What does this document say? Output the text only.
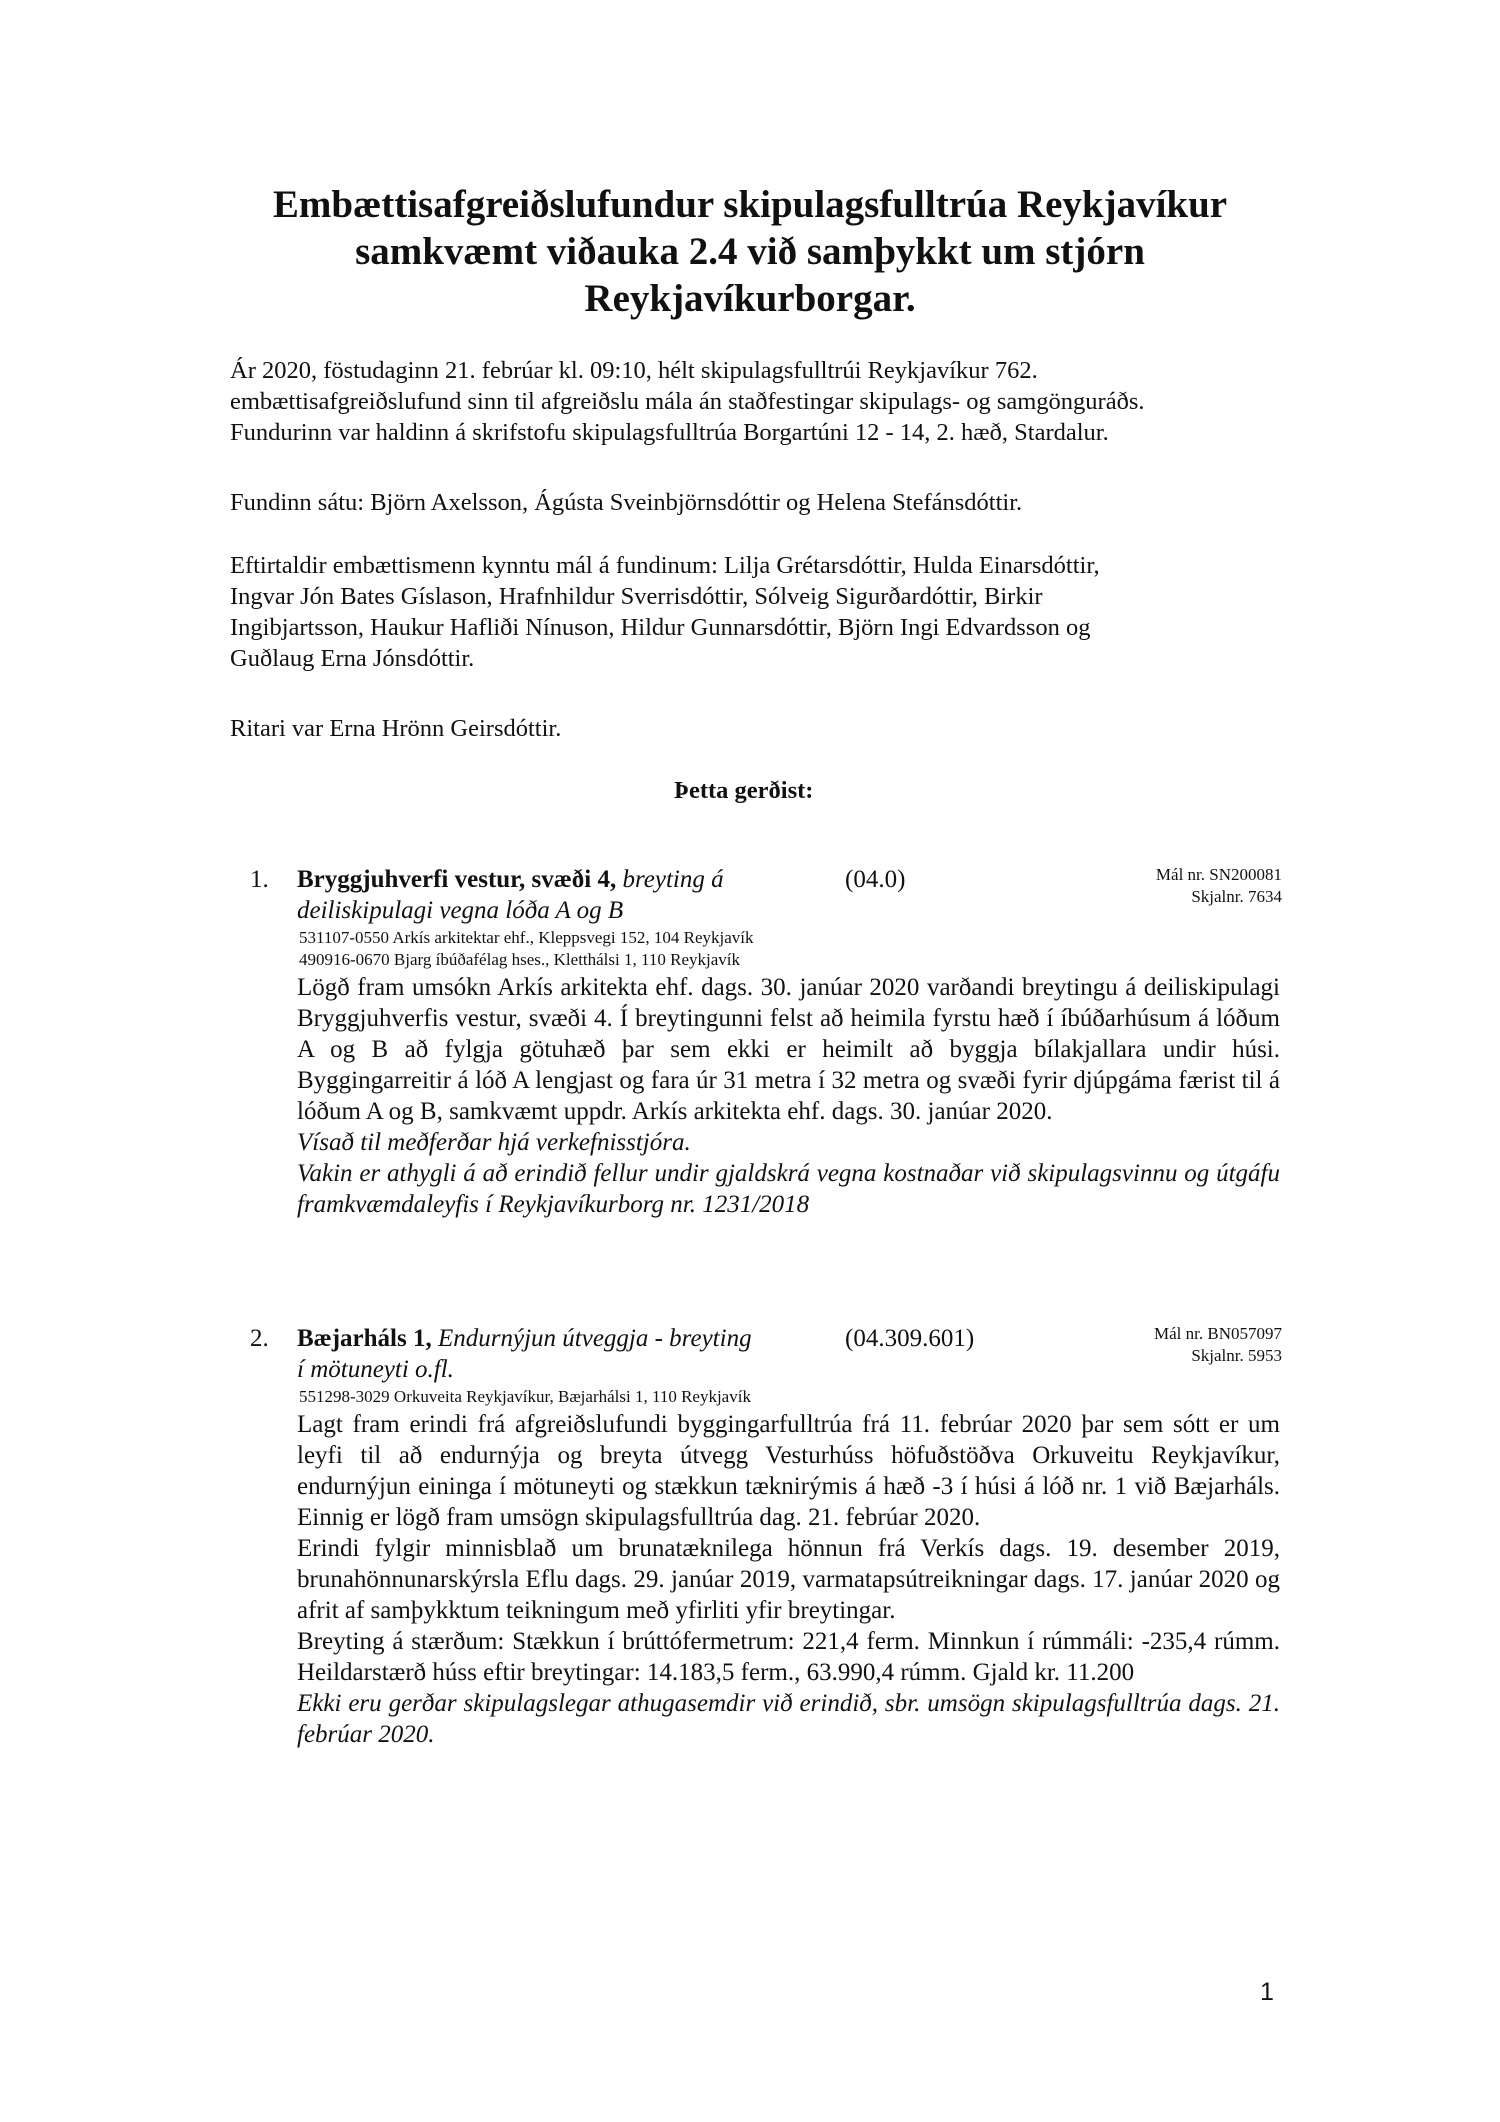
Embættisafgreiðslufundur skipulagsfulltrúa Reykjavíkur
samkvæmt viðauka 2.4 við samþykkt um stjórn
Reykjavíkurborgar.
Ár 2020, föstudaginn 21. febrúar kl. 09:10, hélt skipulagsfulltrúi Reykjavíkur 762.
embættisafgreiðslufund sinn til afgreiðslu mála án staðfestingar skipulags- og samgönguráðs.
Fundurinn var haldinn á skrifstofu skipulagsfulltrúa Borgartúni 12 - 14, 2. hæð, Stardalur.
Fundinn sátu: Björn Axelsson, Ágústa Sveinbjörnsdóttir og Helena Stefánsdóttir.
Eftirtaldir embættismenn kynntu mál á fundinum: Lilja Grétarsdóttir, Hulda Einarsdóttir,
Ingvar Jón Bates Gíslason, Hrafnhildur Sverrisdóttir, Sólveig Sigurðardóttir, Birkir
Ingibjartsson, Haukur Hafliði Nínuson, Hildur Gunnarsdóttir, Björn Ingi Edvardsson og
Guðlaug Erna Jónsdóttir.
Ritari var Erna Hrönn Geirsdóttir.
Þetta gerðist:
1. Bryggjuhverfi vestur, svæði 4, breyting á
deiliskipulagi vegna lóða A og B
(04.0)	Mál nr. SN200081
Skjalnr. 7634
531107-0550 Arkís arkitektar ehf., Kleppsvegi 152, 104 Reykjavík
490916-0670 Bjarg íbúðafélag hses., Kletthálsi 1, 110 Reykjavík

Lögð fram umsókn Arkís arkitekta ehf. dags. 30. janúar 2020 varðandi breytingu á deiliskipulagi Bryggjuhverfis vestur, svæði 4. Í breytingunni felst að heimila fyrstu hæð í íbúðarhúsum á lóðum A og B að fylgja götuhæð þar sem ekki er heimilt að byggja bílakjallara undir húsi. Byggingarreitir á lóð A lengjast og fara úr 31 metra í 32 metra og svæði fyrir djúpgáma færist til á lóðum A og B, samkvæmt uppdr. Arkís arkitekta ehf. dags. 30. janúar 2020.

Vísað til meðferðar hjá verkefnisstjóra.

Vakin er athygli á að erindið fellur undir gjaldskrá vegna kostnaðar við skipulagsvinnu og útgáfu framkvæmdaleyfis í Reykjavíkurborg nr. 1231/2018

2. Bæjarháls 1, Endurnýjun útveggja - breyting
í mötuneyti o.fl.
(04.309.601)	Mál nr. BN057097
Skjalnr. 5953
551298-3029 Orkuveita Reykjavíkur, Bæjarhálsi 1, 110 Reykjavík

Lagt fram erindi frá afgreiðslufundi byggingarfulltrúa frá 11. febrúar 2020 þar sem sótt er um leyfi til að endurnýja og breyta útvegg Vesturhúss höfuðstöðva Orkuveitu Reykjavíkur, endurnýjun eininga í mötuneyti og stækkun tæknirýmis á hæð -3 í húsi á lóð nr. 1 við Bæjarháls. Einnig er lögð fram umsögn skipulagsfulltrúa dag. 21. febrúar 2020.

Erindi fylgir minnisblað um brunatæknilega hönnun frá Verkís dags. 19. desember 2019, brunahönnunarskýrsla Eflu dags. 29. janúar 2019, varmatapsútreikningar dags. 17. janúar 2020 og afrit af samþykktum teikningum með yfirliti yfir breytingar.

Breyting á stærðum: Stækkun í brúttófermetrum: 221,4 ferm. Minnkun í rúmmáli: -235,4 rúmm. Heildarstærð húss eftir breytingar: 14.183,5 ferm., 63.990,4 rúmm. Gjald kr. 11.200

Ekki eru gerðar skipulagslegar athugasemdir við erindið, sbr. umsögn skipulagsfulltrúa dags. 21. febrúar 2020.

1
